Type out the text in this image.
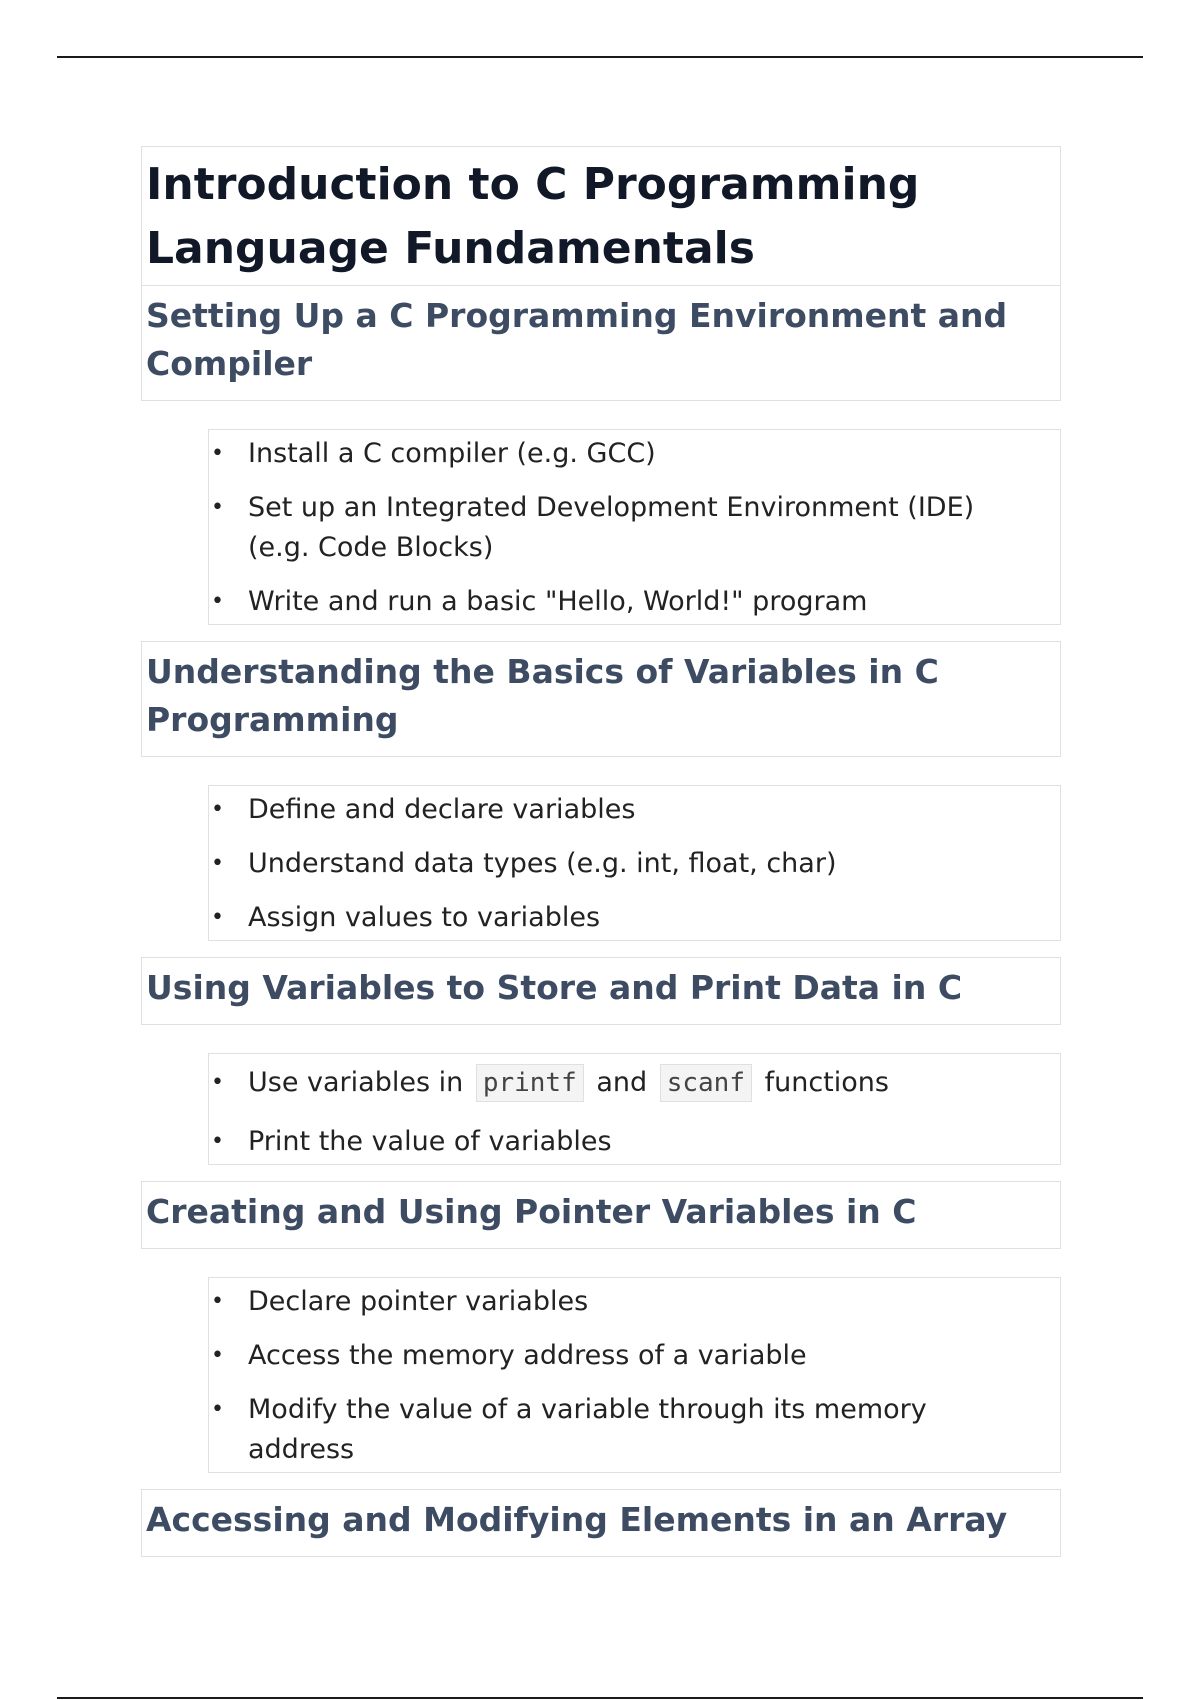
Introduction to C Programming Language Fundamentals
Setting Up a C Programming Environment and Compiler
• Install a C compiler (e.g. GCC)
• Set up an Integrated Development Environment (IDE) (e.g. Code Blocks)
• Write and run a basic "Hello, World!" program
Understanding the Basics of Variables in C Programming
• Define and declare variables
• Understand data types (e.g. int, float, char)
• Assign values to variables
Using Variables to Store and Print Data in C
• Use variables in printf and scanf functions
• Print the value of variables
Creating and Using Pointer Variables in C
• Declare pointer variables
• Access the memory address of a variable
• Modify the value of a variable through its memory address
Accessing and Modifying Elements in an Array
